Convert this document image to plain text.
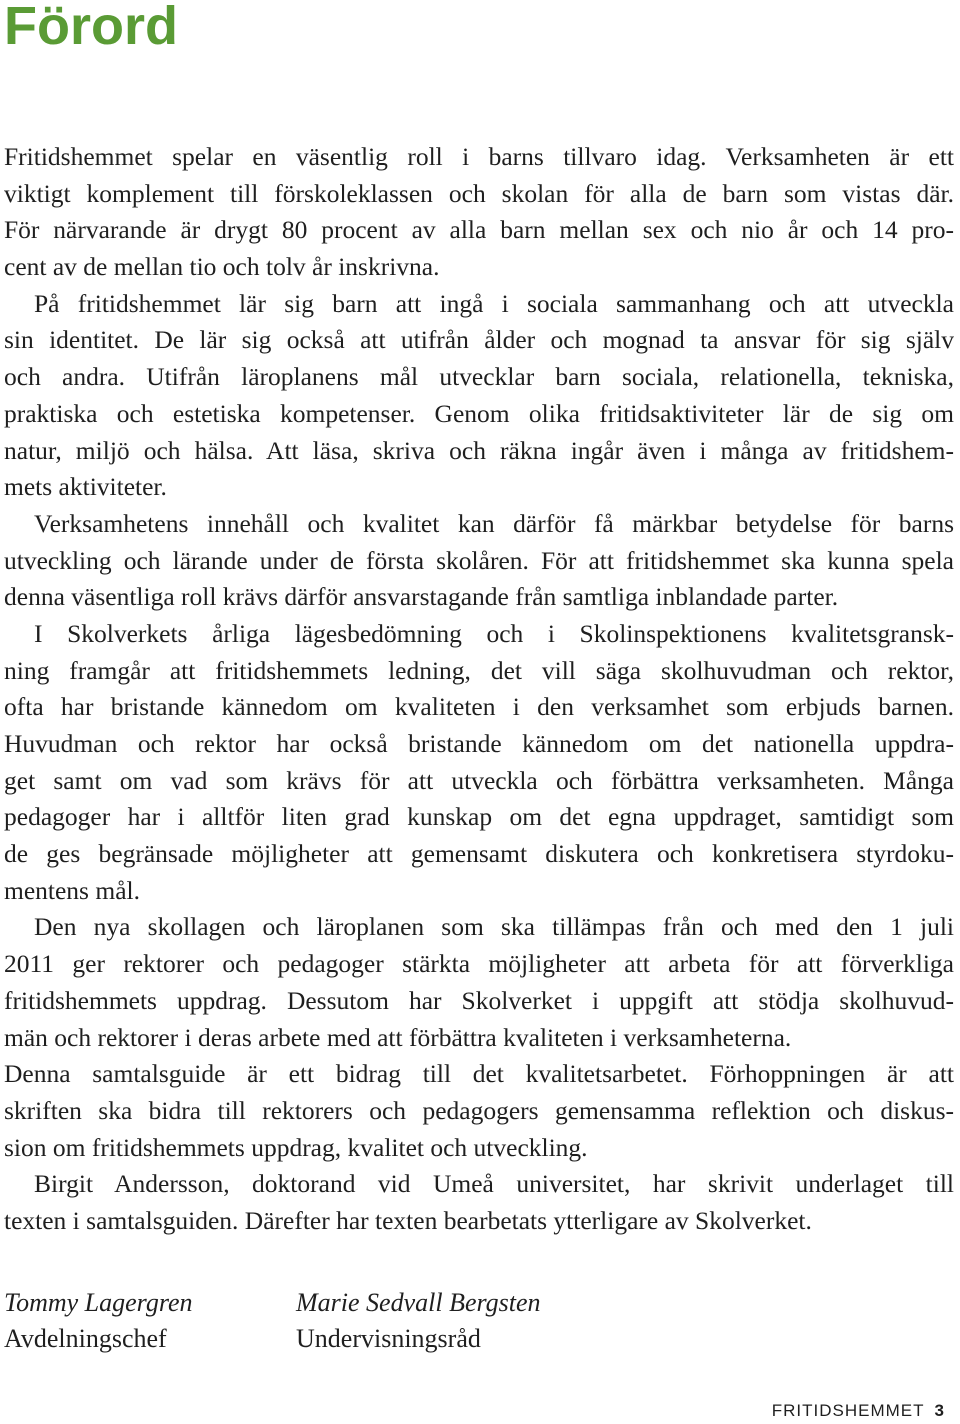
Förord
Fritidshemmet spelar en väsentlig roll i barns tillvaro idag. Verksamheten är ett
viktigt komplement till förskoleklassen och skolan för alla de barn som vistas där.
För närvarande är drygt 80 procent av alla barn mellan sex och nio år och 14 pro-
cent av de mellan tio och tolv år inskrivna.
På fritidshemmet lär sig barn att ingå i sociala sammanhang och att utveckla
sin identitet. De lär sig också att utifrån ålder och mognad ta ansvar för sig själv
och andra. Utifrån läroplanens mål utvecklar barn sociala, relationella, tekniska,
praktiska och estetiska kompetenser. Genom olika fritidsaktiviteter lär de sig om
natur, miljö och hälsa. Att läsa, skriva och räkna ingår även i många av fritidshem-
mets aktiviteter.
Verksamhetens innehåll och kvalitet kan därför få märkbar betydelse för barns
utveckling och lärande under de första skolåren. För att fritidshemmet ska kunna spela
denna väsentliga roll krävs därför ansvarstagande från samtliga inblandade parter.
I Skolverkets årliga lägesbedömning och i Skolinspektionens kvalitetsgransk-
ning framgår att fritidshemmets ledning, det vill säga skolhuvudman och rektor,
ofta har bristande kännedom om kvaliteten i den verksamhet som erbjuds barnen.
Huvudman och rektor har också bristande kännedom om det nationella uppdra-
get samt om vad som krävs för att utveckla och förbättra verksamheten. Många
pedagoger har i alltför liten grad kunskap om det egna uppdraget, samtidigt som
de ges begränsade möjligheter att gemensamt diskutera och konkretisera styrdoku-
mentens mål.
Den nya skollagen och läroplanen som ska tillämpas från och med den 1 juli
2011 ger rektorer och pedagoger stärkta möjligheter att arbeta för att förverkliga
fritidshemmets uppdrag. Dessutom har Skolverket i uppgift att stödja skolhuvud-
män och rektorer i deras arbete med att förbättra kvaliteten i verksamheterna.
Denna samtalsguide är ett bidrag till det kvalitetsarbetet. Förhoppningen är att
skriften ska bidra till rektorers och pedagogers gemensamma reflektion och diskus-
sion om fritidshemmets uppdrag, kvalitet och utveckling.
Birgit Andersson, doktorand vid Umeå universitet, har skrivit underlaget till
texten i samtalsguiden. Därefter har texten bearbetats ytterligare av Skolverket.
Tommy Lagergren
Avdelningschef
Marie Sedvall Bergsten
Undervisningsråd
FRITIDSHEMMET 3
